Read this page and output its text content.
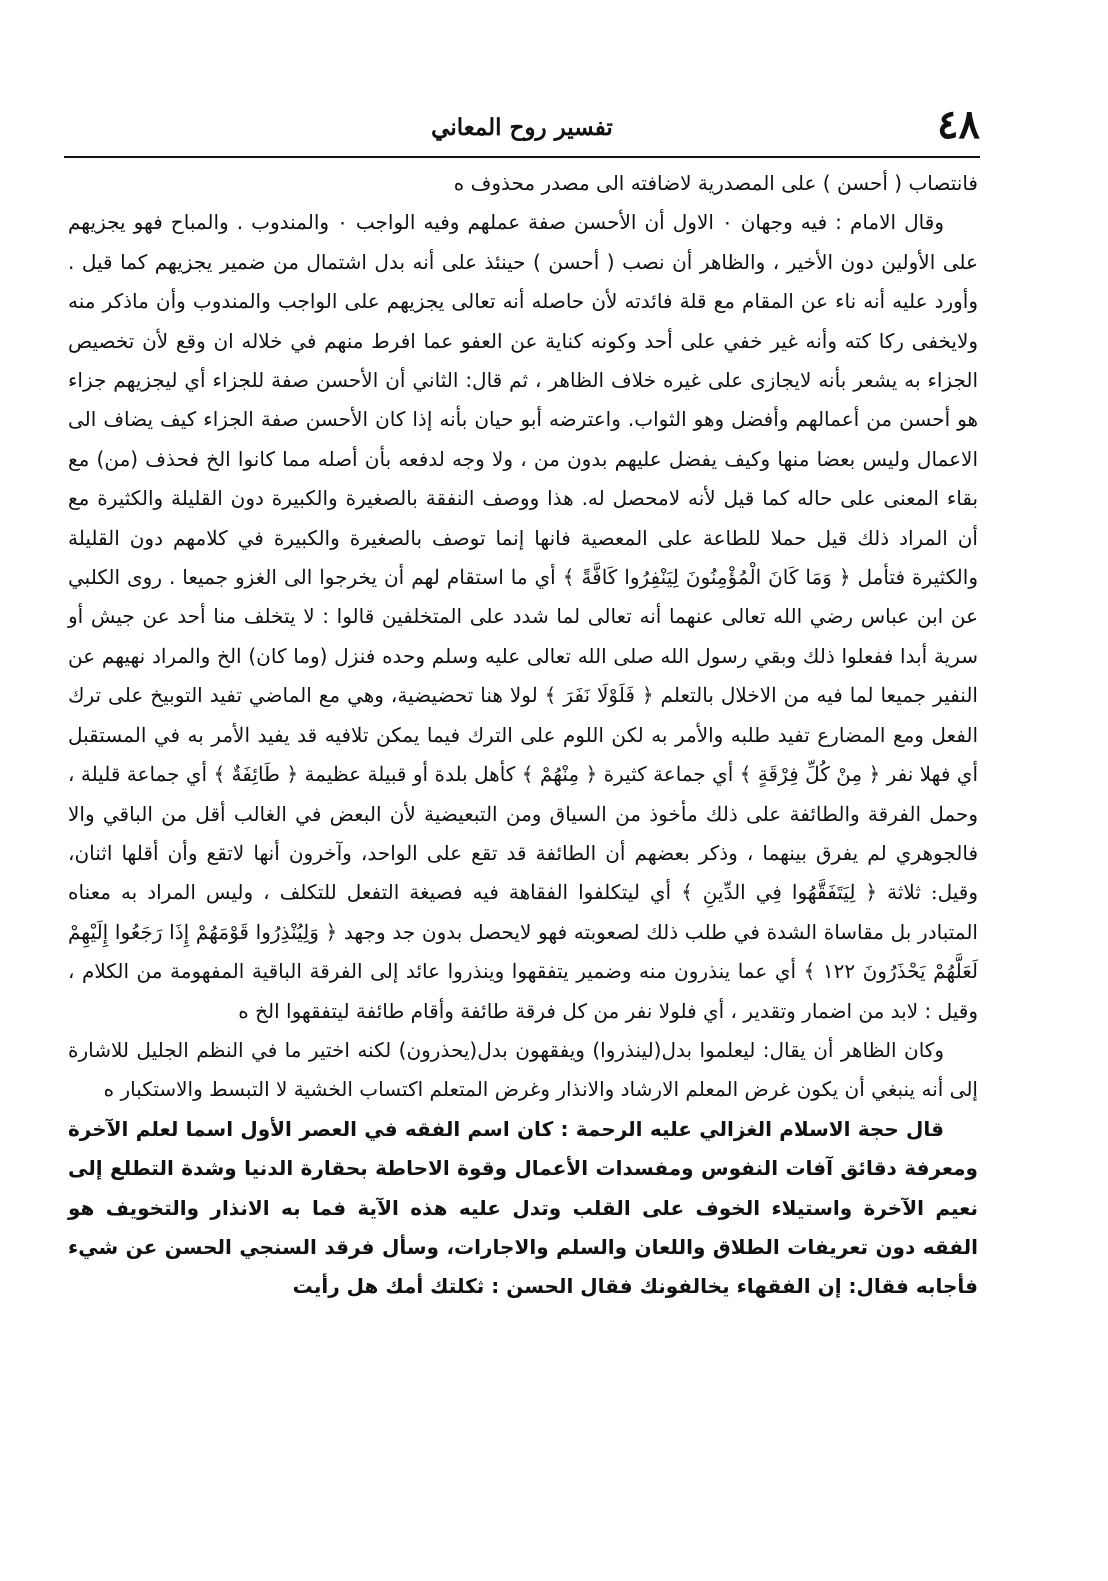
٤٨
تفسير روح المعاني

فانتصاب ( أحسن ) على المصدرية لاضافته الى مصدر محذوف ه

وقال الامام : فيه وجهان ٠ الاول أن الأحسن صفة عملهم وفيه الواجب ٠ والمندوب . والمباح فهو يجزيهم على الأولين دون الأخير ، والظاهر أن نصب ( أحسن ) حينئذ على أنه بدل اشتمال من ضمير يجزيهم كما قيل . وأورد عليه أنه ناء عن المقام مع قلة فائدته لأن حاصله أنه تعالى يجزيهم على الواجب والمندوب وأن ماذكر منه ولايخفى ركا كته وأنه غير خفي على أحد وكونه كناية عن العفو عما افرط منهم في خلاله ان وقع لأن تخصيص الجزاء به يشعر بأنه لايجازى على غيره خلاف الظاهر ، ثم قال: الثاني أن الأحسن صفة للجزاء أي ليجزيهم جزاء هو أحسن من أعمالهم وأفضل وهو الثواب. واعترضه أبو حيان بأنه إذا كان الأحسن صفة الجزاء كيف يضاف الى الاعمال وليس بعضا منها وكيف يفضل عليهم بدون من ، ولا وجه لدفعه بأن أصله مما كانوا الخ فحذف (من) مع بقاء المعنى على حاله كما قيل لأنه لامحصل له. هذا ووصف النفقة بالصغيرة والكبيرة دون القليلة والكثيرة مع أن المراد ذلك قيل حملا للطاعة على المعصية فانها إنما توصف بالصغيرة والكبيرة في كلامهم دون القليلة والكثيرة فتأمل ﴿ وَمَا كَانَ الْمُؤْمِنُونَ لِيَنْفِرُوا كَافَّةً ﴾ أي ما استقام لهم أن يخرجوا الى الغزو جميعا . روى الكلبي عن ابن عباس رضي الله تعالى عنهما أنه تعالى لما شدد على المتخلفين قالوا : لا يتخلف منا أحد عن جيش أو سرية أبدا ففعلوا ذلك وبقي رسول الله صلى الله تعالى عليه وسلم وحده فنزل (وما كان) الخ والمراد نهيهم عن النفير جميعا لما فيه من الاخلال بالتعلم ﴿ فَلَوْلَا نَفَرَ ﴾ لولا هنا تحضيضية، وهي مع الماضي تفيد التوبيخ على ترك الفعل ومع المضارع تفيد طلبه والأمر به لكن اللوم على الترك فيما يمكن تلافيه قد يفيد الأمر به في المستقبل أي فهلا نفر ﴿ مِنْ كُلِّ فِرْقَةٍ ﴾ أي جماعة كثيرة ﴿ مِنْهُمْ ﴾ كأهل بلدة أو قبيلة عظيمة ﴿ طَائِفَةٌ ﴾ أي جماعة قليلة ، وحمل الفرقة والطائفة على ذلك مأخوذ من السياق ومن التبعيضية لأن البعض في الغالب أقل من الباقي والا فالجوهري لم يفرق بينهما ، وذكر بعضهم أن الطائفة قد تقع على الواحد، وآخرون أنها لاتقع وأن أقلها اثنان، وقيل: ثلاثة ﴿ لِيَتَفَقَّهُوا فِي الدِّينِ ﴾ أي ليتكلفوا الفقاهة فيه فصيغة التفعل للتكلف ، وليس المراد به معناه المتبادر بل مقاساة الشدة في طلب ذلك لصعوبته فهو لايحصل بدون جد وجهد ﴿ وَلِيُنْذِرُوا قَوْمَهُمْ إِذَا رَجَعُوا إِلَيْهِمْ لَعَلَّهُمْ يَحْذَرُونَ ١٢٢ ﴾ أي عما ينذرون منه وضمير يتفقهوا وينذروا عائد إلى الفرقة الباقية المفهومة من الكلام ، وقيل : لابد من اضمار وتقدير ، أي فلولا نفر من كل فرقة طائفة وأقام طائفة ليتفقهوا الخ ه

وكان الظاهر أن يقال: ليعلموا بدل(لينذروا) ويفقهون بدل(يحذرون) لكنه اختير ما في النظم الجليل للاشارة إلى أنه ينبغي أن يكون غرض المعلم الارشاد والانذار وغرض المتعلم اكتساب الخشية لا التبسط والاستكبار ه

قال حجة الاسلام الغزالي عليه الرحمة : كان اسم الفقه في العصر الأول اسما لعلم الآخرة ومعرفة دقائق آفات النفوس ومفسدات الأعمال وقوة الاحاطة بحقارة الدنيا وشدة التطلع إلى نعيم الآخرة واستيلاء الخوف على القلب وتدل عليه هذه الآية فما به الانذار والتخويف هو الفقه دون تعريفات الطلاق واللعان والسلم والاجارات، وسأل فرقد السنجي الحسن عن شيء فأجابه فقال: إن الفقهاء يخالفونك فقال الحسن : ثكلتك أمك هل رأيت
